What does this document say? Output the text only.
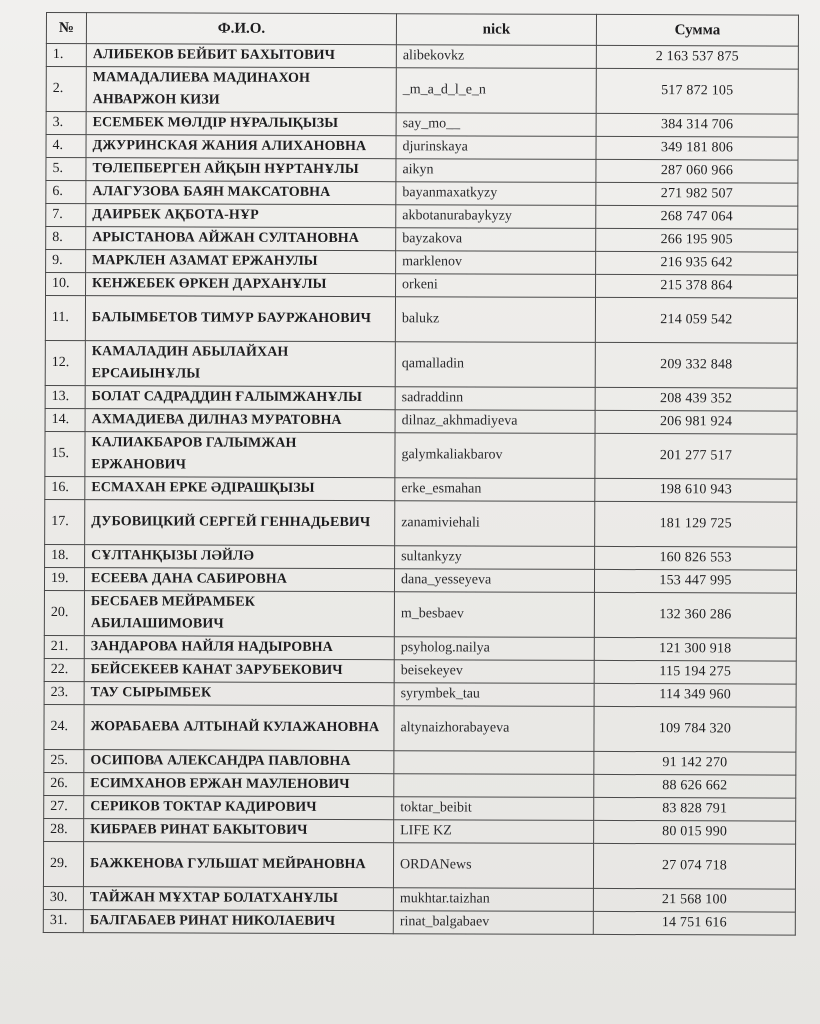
№	Ф.И.О.	nick	Сумма
1.	АЛИБЕКОВ БЕЙБИТ БАХЫТОВИЧ	alibekovkz	2 163 537 875
2.	МАМАДАЛИЕВА МАДИНАХОН АНВАРЖОН КИЗИ	_m_a_d_l_e_n	517 872 105
3.	ЕСЕМБЕК МӨЛДІР НҰРАЛЫҚЫЗЫ	say_mo__	384 314 706
4.	ДЖУРИНСКАЯ ЖАНИЯ АЛИХАНОВНА	djurinskaya	349 181 806
5.	ТӨЛЕПБЕРГЕН АЙҚЫН НҰРТАНҰЛЫ	aikyn	287 060 966
6.	АЛАГУЗОВА БАЯН МАКСАТОВНА	bayanmaxatkyzy	271 982 507
7.	ДАИРБЕК АҚБОТА-НҰР	akbotanurabaykyzy	268 747 064
8.	АРЫСТАНОВА АЙЖАН СУЛТАНОВНА	bayzakova	266 195 905
9.	МАРКЛЕН АЗАМАТ ЕРЖАНУЛЫ	marklenov	216 935 642
10.	КЕНЖЕБЕК ӨРКЕН ДАРХАНҰЛЫ	orkeni	215 378 864
11.	БАЛЫМБЕТОВ ТИМУР БАУРЖАНОВИЧ	balukz	214 059 542
12.	КАМАЛАДИН АБЫЛАЙХАН ЕРСАИЫНҰЛЫ	qamalladin	209 332 848
13.	БОЛАТ САДРАДДИН ҒАЛЫМЖАНҰЛЫ	sadraddinn	208 439 352
14.	АХМАДИЕВА ДИЛНАЗ МУРАТОВНА	dilnaz_akhmadiyeva	206 981 924
15.	КАЛИАКБАРОВ ГАЛЫМЖАН ЕРЖАНОВИЧ	galymkaliakbarov	201 277 517
16.	ЕСМАХАН ЕРКЕ ӘДІРАШҚЫЗЫ	erke_esmahan	198 610 943
17.	ДУБОВИЦКИЙ СЕРГЕЙ ГЕННАДЬЕВИЧ	zanamiviehali	181 129 725
18.	СҰЛТАНҚЫЗЫ ЛӘЙЛӘ	sultankyzy	160 826 553
19.	ЕСЕЕВА ДАНА САБИРОВНА	dana_yesseyeva	153 447 995
20.	БЕСБАЕВ МЕЙРАМБЕК АБИЛАШИМОВИЧ	m_besbaev	132 360 286
21.	ЗАНДАРОВА НАЙЛЯ НАДЫРОВНА	psyholog.nailya	121 300 918
22.	БЕЙСЕКЕЕВ КАНАТ ЗАРУБЕКОВИЧ	beisekeyev	115 194 275
23.	ТАУ СЫРЫМБЕК	syrymbek_tau	114 349 960
24.	ЖОРАБАЕВА АЛТЫНАЙ КУЛАЖАНОВНА	altynaizhorabayeva	109 784 320
25.	ОСИПОВА АЛЕКСАНДРА ПАВЛОВНА		91 142 270
26.	ЕСИМХАНОВ ЕРЖАН МАУЛЕНОВИЧ		88 626 662
27.	СЕРИКОВ ТОКТАР КАДИРОВИЧ	toktar_beibit	83 828 791
28.	КИБРАЕВ РИНАТ БАКЫТОВИЧ	LIFE KZ	80 015 990
29.	БАЖКЕНОВА ГУЛЬШАТ МЕЙРАНОВНА	ORDANews	27 074 718
30.	ТАЙЖАН МҰХТАР БОЛАТХАНҰЛЫ	mukhtar.taizhan	21 568 100
31.	БАЛГАБАЕВ РИНАТ НИКОЛАЕВИЧ	rinat_balgabaev	14 751 616
